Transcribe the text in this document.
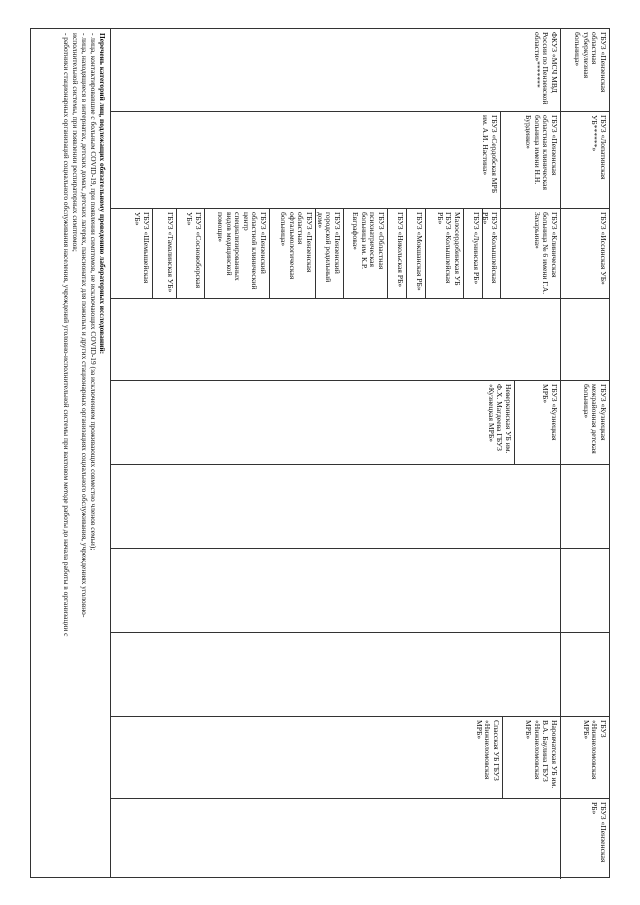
ГБУЗ «Пензенская областная туберкулезная больница»
ФКУЗ «МСЧ МВД России по Пензенской области»*******
ГБУЗ «Лопатинская УБ******»
ГБУЗ «Пензенская областная клиническая больница имени Н.Н. Бурденко»
ГБУЗ «Сердобская МРБ им. А.И. Настина»
ГБУЗ «Иссинская УБ»
ГБУЗ «Клиническая больница № 6 имени Г.А. Захарьина»
ГБУЗ «Колышлейская РБ»
ГБУЗ «Лунинская РБ»
Малосердобинская УБ ГБУЗ «Колышлейская РБ»
ГБУЗ «Мокшанская РБ»
ГБУЗ «Никольская РБ»
ГБУЗ «Областная психиатрическая больница им. К.Р. Евграфова»
ГБУЗ «Пензенский городской родильный дом»
ГБУЗ «Пензенская областная офтальмологическая больница»
ГБУЗ «Пензенский областной клинический центр специализированных видов медицинской помощи»
ГБУЗ «Сосновоборская УБ»
ГБУЗ «Тамалинская УБ»
ГБУЗ «Шемышейская УБ»
ГБУЗ «Кузнецкая межрайонная детская больница»
ГБУЗ «Кузнецкая МРБ»
Неверкинская УБ им. Ф.Х. Магдеева ГБУЗ «Кузнецкая МРБ»
ГБУЗ «Нижнеломовская МРБ»
Наровчатская УБ им. В.А. Баулина ГБУЗ «Нижнеломовская МРБ»
Спасская УБ ГБУЗ «Нижнеломовская МРБ»
ГБУЗ «Пензенская РБ»
Перечень категорий лиц, подлежащих обязательному проведению лабораторных исследований:
- лица, контактировавшие с больным COVID-19, при появлении симптомов, не исключающих COVID-19 (за исключением проживающих совместно членов семьи);
- лица, находящиеся в интернатах, детских домах, детских лагерях, пансионатах для пожилых и других стационарных организациях социального обслуживания, учреждениях уголовно-
исполнительной системы, при появлении респираторных симптомов;
- работники стационарных организаций социального обслуживания населения, учреждений уголовно-исполнительной системы при вахтовом методе работы до начала работы в организации с
